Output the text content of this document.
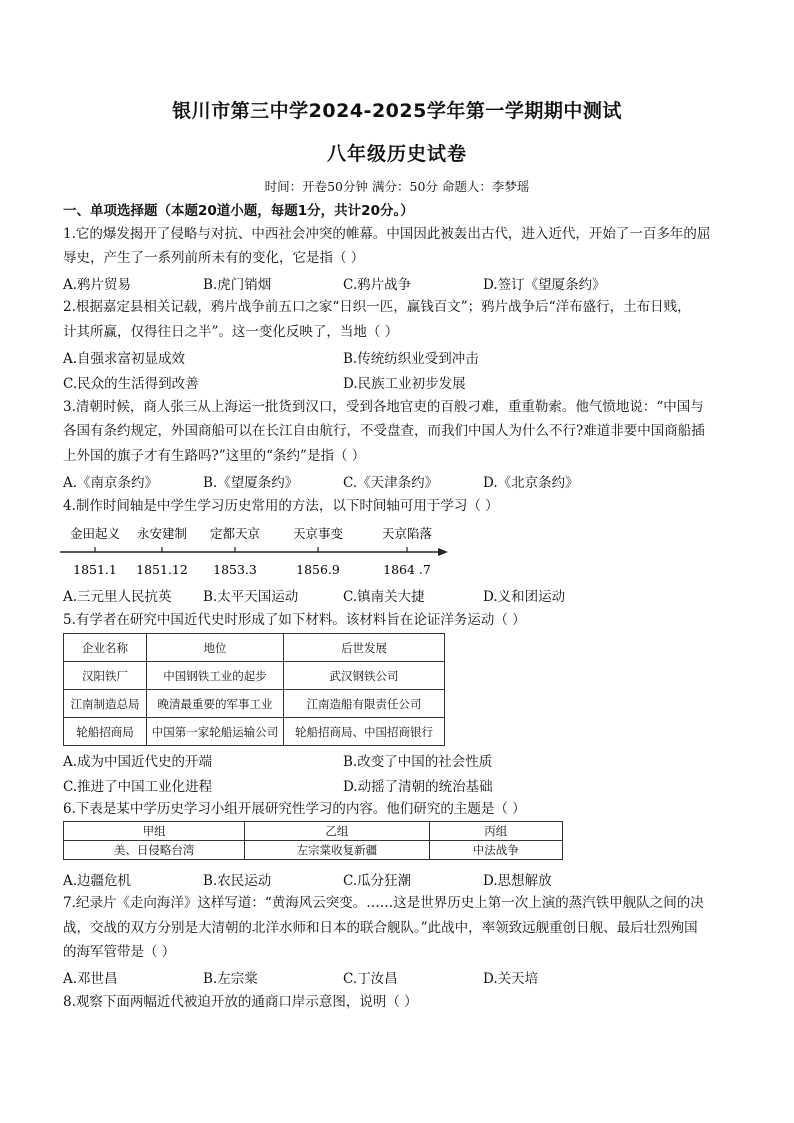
银川市第三中学2024-2025学年第一学期期中测试
八年级历史试卷
时间：开卷50分钟 满分：50分 命题人：李梦瑶
一、单项选择题（本题20道小题，每题1分，共计20分。）
1.它的爆发揭开了侵略与对抗、中西社会冲突的帷幕。中国因此被轰出古代，进入近代，开始了一百多年的屈
辱史，产生了一系列前所未有的变化，它是指（ ）
A.鸦片贸易	B.虎门销烟	C.鸦片战争	D.签订《望厦条约》
2.根据嘉定县相关记载，鸦片战争前五口之家“日织一匹，赢钱百文”；鸦片战争后“洋布盛行，土布日贱，
计其所赢，仅得往日之半”。这一变化反映了，当地（ ）
A.自强求富初显成效	B.传统纺织业受到冲击
C.民众的生活得到改善	D.民族工业初步发展
3.清朝时候，商人张三从上海运一批货到汉口，受到各地官吏的百般刁难，重重勒索。他气愤地说：“中国与
各国有条约规定，外国商船可以在长江自由航行，不受盘查，而我们中国人为什么不行?难道非要中国商船插
上外国的旗子才有生路吗?”这里的“条约”是指（ ）
A.《南京条约》	B.《望厦条约》	C.《天津条约》	D.《北京条约》
4.制作时间轴是中学生学习历史常用的方法，以下时间轴可用于学习（ ）
金田起义
1851.1
永安建制
1851.12
定都天京
1853.3
天京事变
1856.9
天京陷落
1864 .7
A.三元里人民抗英 B.太平天国运动	C.镇南关大捷	D.义和团运动
5.有学者在研究中国近代史时形成了如下材料。该材料旨在论证洋务运动（ ）
企业名称	地位	后世发展
汉阳铁厂	中国钢铁工业的起步	武汉钢铁公司
江南制造总局	晚清最重要的军事工业	江南造船有限责任公司
轮船招商局	中国第一家轮船运输公司	轮船招商局、中国招商银行
A.成为中国近代史的开端	B.改变了中国的社会性质
C.推进了中国工业化进程	D.动摇了清朝的统治基础
6.下表是某中学历史学习小组开展研究性学习的内容。他们研究的主题是（ ）
甲组	乙组	丙组
美、日侵略台湾	左宗棠收复新疆	中法战争
A.边疆危机	B.农民运动	C.瓜分狂潮	D.思想解放
7.纪录片《走向海洋》这样写道：“黄海风云突变。……这是世界历史上第一次上演的蒸汽铁甲舰队之间的决
战，交战的双方分别是大清朝的北洋水师和日本的联合舰队。”此战中，率领致远舰重创日舰、最后壮烈殉国
的海军管带是（ ）
A.邓世昌	B.左宗棠	C.丁汝昌	D.关天培
8.观察下面两幅近代被迫开放的通商口岸示意图，说明（ ）
